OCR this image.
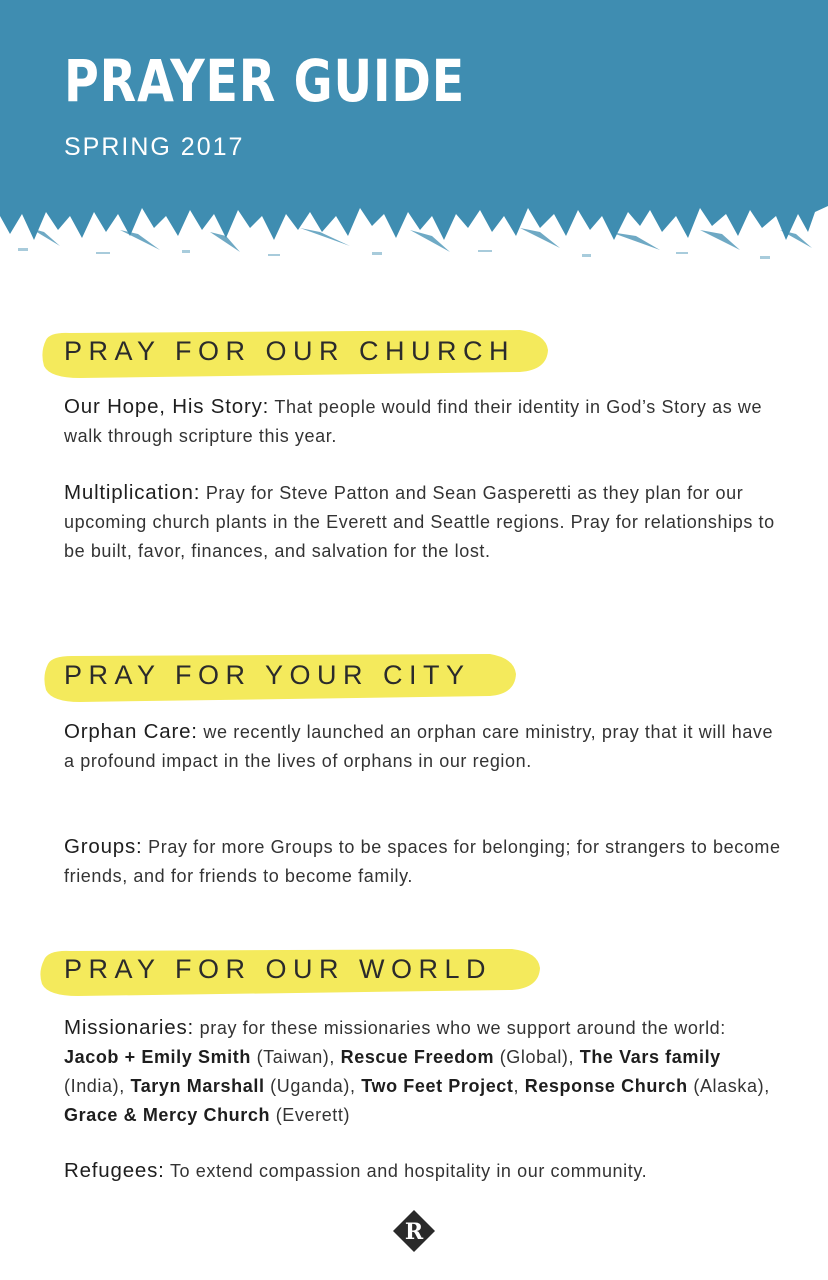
PRAYER GUIDE
SPRING 2017
PRAY FOR OUR CHURCH

Our Hope, His Story: That people would find their identity in God’s Story as we walk through scripture this year.

Multiplication: Pray for Steve Patton and Sean Gasperetti as they plan for our upcoming church plants in the Everett and Seattle regions. Pray for relationships to be built, favor, finances, and salvation for the lost.

PRAY FOR YOUR CITY

Orphan Care: we recently launched an orphan care ministry, pray that it will have a profound impact in the lives of orphans in our region.

Groups: Pray for more Groups to be spaces for belonging; for strangers to become friends, and for friends to become family.

PRAY FOR OUR WORLD

Missionaries: pray for these missionaries who we support around the world: Jacob + Emily Smith (Taiwan), Rescue Freedom (Global), The Vars family (India), Taryn Marshall (Uganda), Two Feet Project, Response Church (Alaska), Grace & Mercy Church (Everett)

Refugees: To extend compassion and hospitality in our community.

R
